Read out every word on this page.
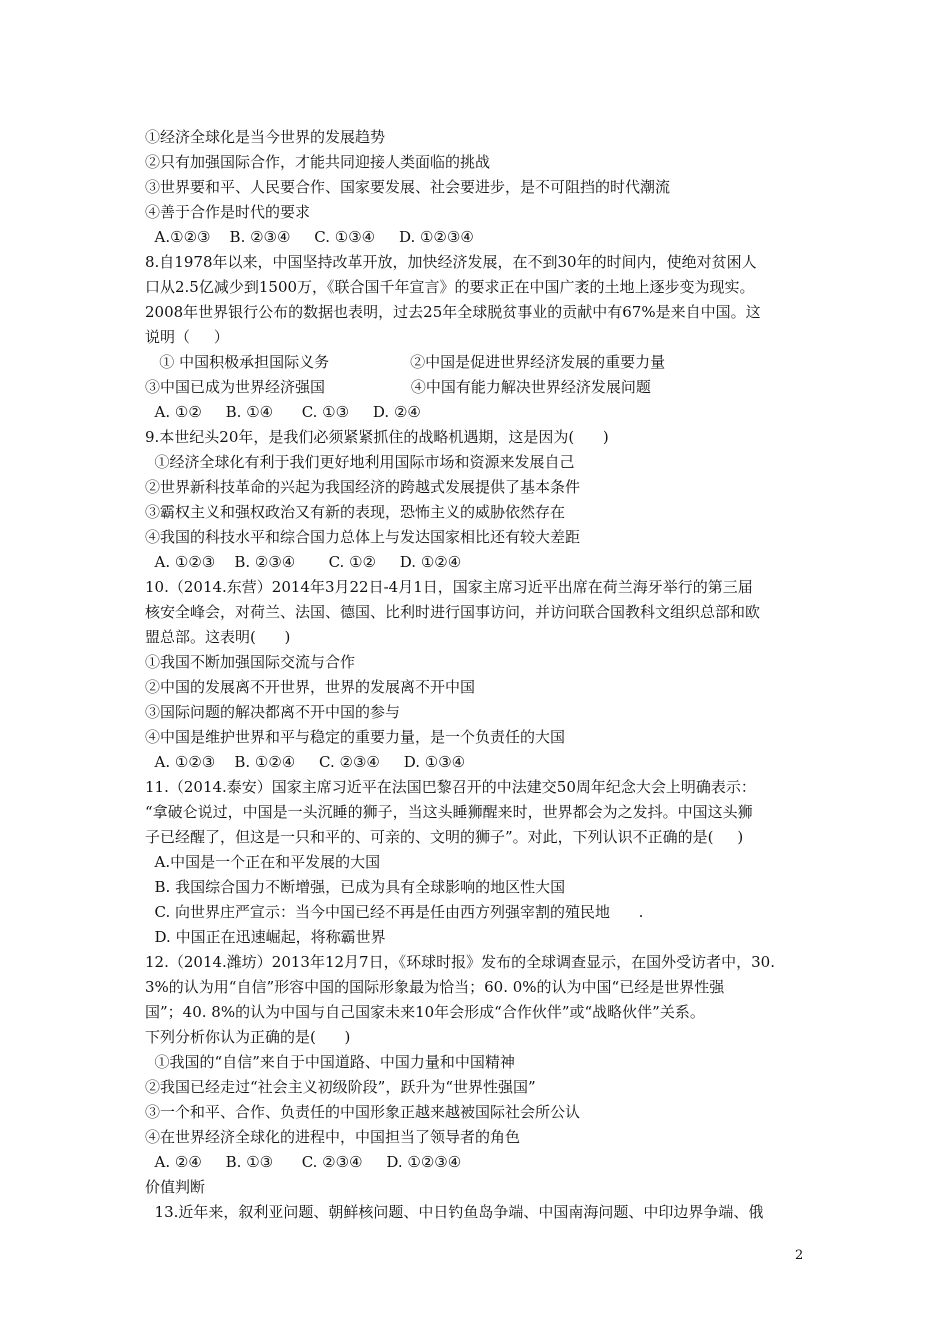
①经济全球化是当今世界的发展趋势
②只有加强国际合作，才能共同迎接人类面临的挑战
③世界要和平、人民要合作、国家要发展、社会要进步，是不可阻挡的时代潮流
④善于合作是时代的要求
A.①②③    B. ②③④     C. ①③④     D. ①②③④
8.自1978年以来，中国坚持改革开放，加快经济发展，在不到30年的时间内，使绝对贫困人
口从2.5亿减少到1500万，《联合国千年宣言》的要求正在中国广袤的土地上逐步变为现实。
2008年世界银行公布的数据也表明，过去25年全球脱贫事业的贡献中有67%是来自中国。这
说明（     ）
① 中国积极承担国际义务                 ②中国是促进世界经济发展的重要力量
③中国已成为世界经济强国                  ④中国有能力解决世界经济发展问题
A. ①②     B. ①④      C. ①③     D. ②④
9.本世纪头20年，是我们必须紧紧抓住的战略机遇期，这是因为(      )
①经济全球化有利于我们更好地利用国际市场和资源来发展自己
②世界新科技革命的兴起为我国经济的跨越式发展提供了基本条件
③霸权主义和强权政治又有新的表现，恐怖主义的威胁依然存在
④我国的科技水平和综合国力总体上与发达国家相比还有较大差距
A. ①②③    B. ②③④       C. ①②     D. ①②④
10.（2014.东营）2014年3月22日-4月1日，国家主席习近平出席在荷兰海牙举行的第三届
核安全峰会，对荷兰、法国、德国、比利时进行国事访问，并访问联合国教科文组织总部和欧
盟总部。这表明(      )
①我国不断加强国际交流与合作
②中国的发展离不开世界，世界的发展离不开中国
③国际问题的解决都离不开中国的参与
④中国是维护世界和平与稳定的重要力量，是一个负责任的大国
A. ①②③    B. ①②④     C. ②③④     D. ①③④
11.（2014.泰安）国家主席习近平在法国巴黎召开的中法建交50周年纪念大会上明确表示：
“拿破仑说过，中国是一头沉睡的狮子，当这头睡狮醒来时，世界都会为之发抖。中国这头狮
子已经醒了，但这是一只和平的、可亲的、文明的狮子”。对此，下列认识不正确的是(     )
A.中国是一个正在和平发展的大国
B. 我国综合国力不断增强，已成为具有全球影响的地区性大国
C. 向世界庄严宣示：当今中国已经不再是任由西方列强宰割的殖民地      .
D. 中国正在迅速崛起，将称霸世界
12.（2014.潍坊）2013年12月7日，《环球时报》发布的全球调查显示，在国外受访者中，30.
3%的认为用“自信”形容中国的国际形象最为恰当；60. 0%的认为中国“已经是世界性强
国”；40. 8%的认为中国与自己国家未来10年会形成“合作伙伴”或“战略伙伴”关系。
下列分析你认为正确的是(      )
①我国的“自信”来自于中国道路、中国力量和中国精神
②我国已经走过“社会主义初级阶段”，跃升为“世界性强国”
③一个和平、合作、负责任的中国形象正越来越被国际社会所公认
④在世界经济全球化的进程中，中国担当了领导者的角色
A. ②④     B. ①③      C. ②③④     D. ①②③④
价值判断
13.近年来，叙利亚问题、朝鲜核问题、中日钓鱼岛争端、中国南海问题、中印边界争端、俄
2
